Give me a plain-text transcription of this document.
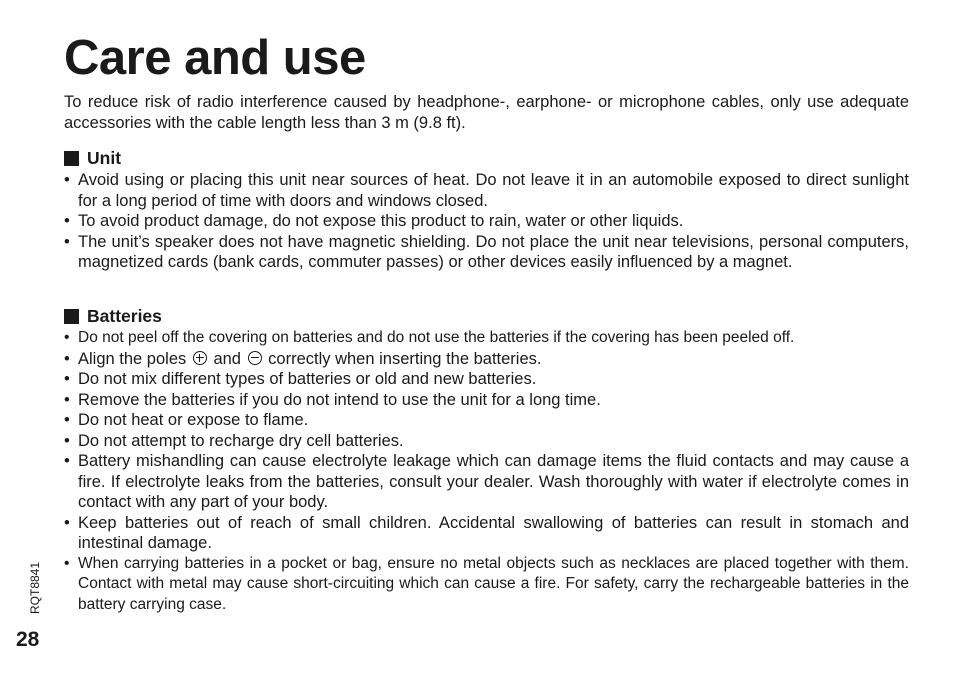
Care and use

To reduce risk of radio interference caused by headphone-, earphone- or microphone cables, only use adequate accessories with the cable length less than 3 m (9.8 ft).

Unit
• Avoid using or placing this unit near sources of heat. Do not leave it in an automobile exposed to direct sunlight for a long period of time with doors and windows closed.
• To avoid product damage, do not expose this product to rain, water or other liquids.
• The unit’s speaker does not have magnetic shielding. Do not place the unit near televisions, personal computers, magnetized cards (bank cards, commuter passes) or other devices easily influenced by a magnet.
Batteries
• Do not peel off the covering on batteries and do not use the batteries if the covering has been peeled off.
• Align the poles and correctly when inserting the batteries.
• Do not mix different types of batteries or old and new batteries.
• Remove the batteries if you do not intend to use the unit for a long time.
• Do not heat or expose to flame.
• Do not attempt to recharge dry cell batteries.
• Battery mishandling can cause electrolyte leakage which can damage items the fluid contacts and may cause a fire. If electrolyte leaks from the batteries, consult your dealer. Wash thoroughly with water if electrolyte comes in contact with any part of your body.
• Keep batteries out of reach of small children. Accidental swallowing of batteries can result in stomach and intestinal damage.
• When carrying batteries in a pocket or bag, ensure no metal objects such as necklaces are placed together with them. Contact with metal may cause short-circuiting which can cause a fire. For safety, carry the rechargeable batteries in the battery carrying case.

RQT8841

28
